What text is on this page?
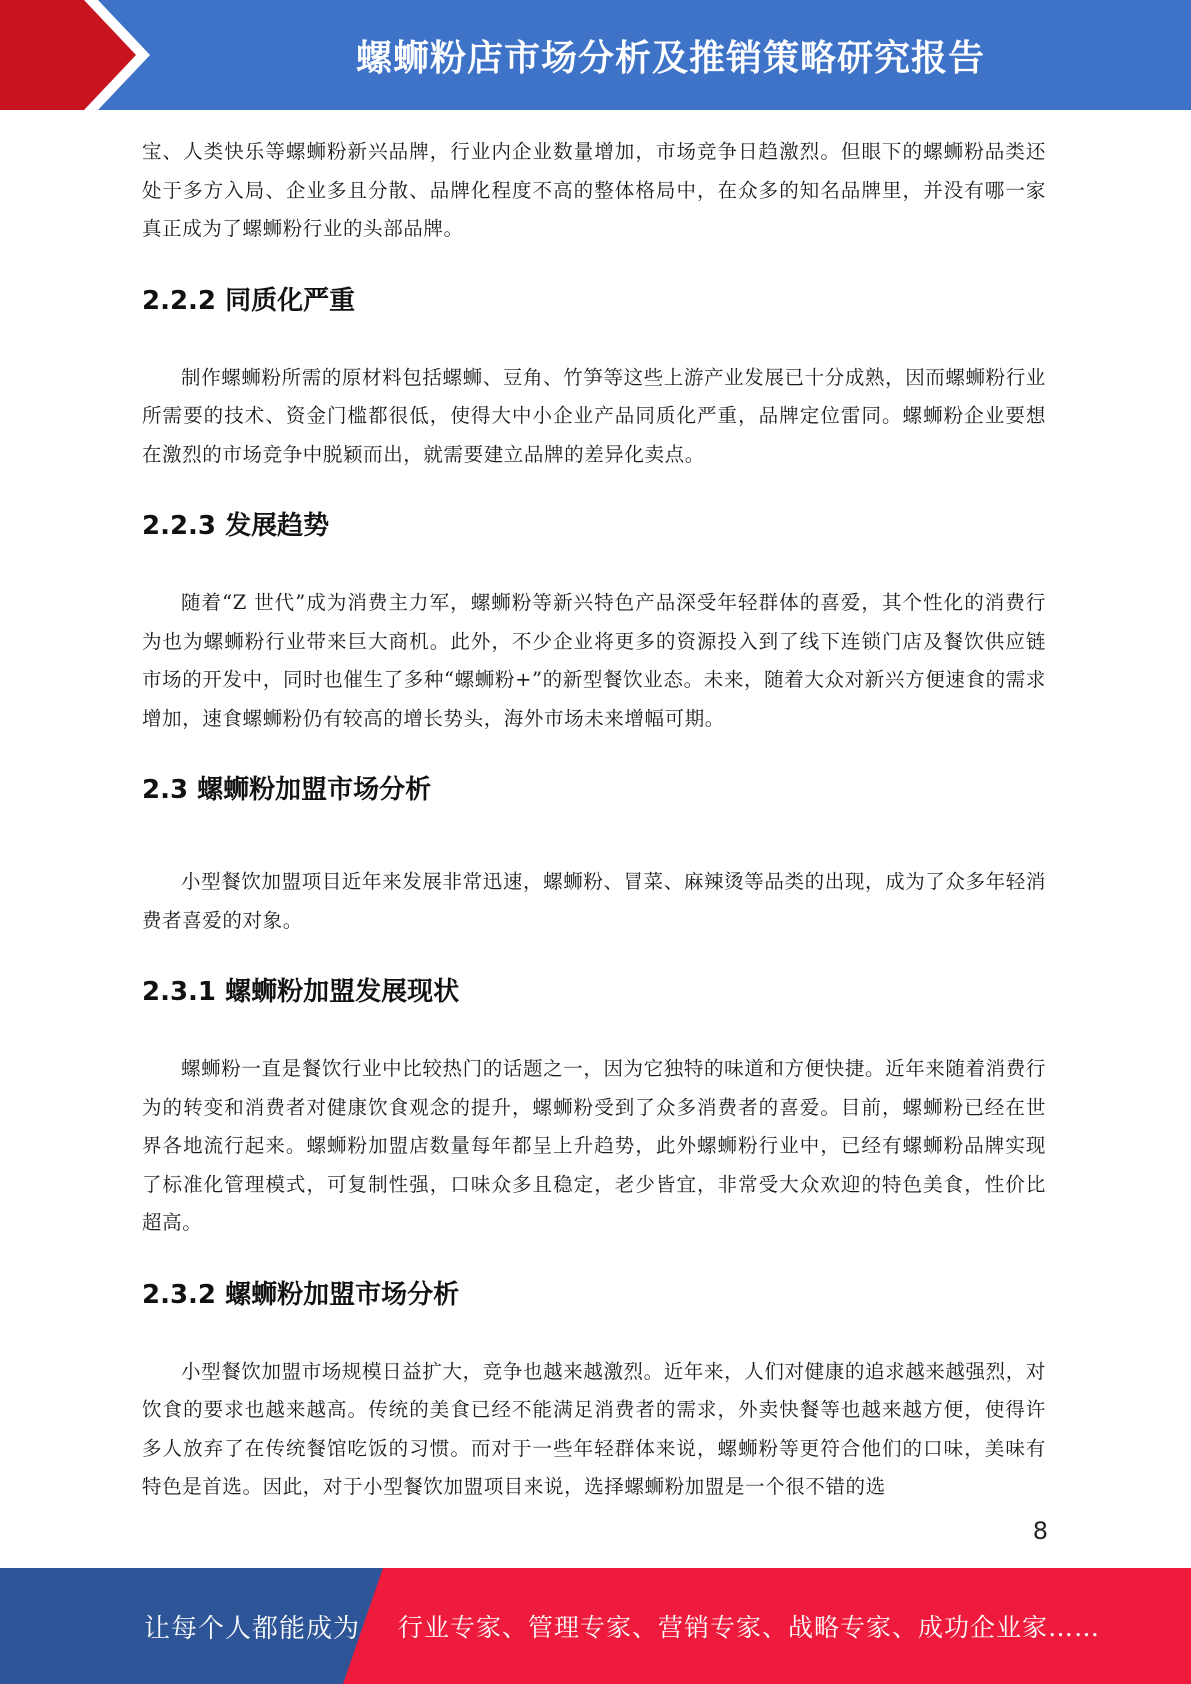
螺蛳粉店市场分析及推销策略研究报告

宝、人类快乐等螺蛳粉新兴品牌，行业内企业数量增加，市场竞争日趋激烈。但眼下的螺蛳粉品类还处于多方入局、企业多且分散、品牌化程度不高的整体格局中，在众多的知名品牌里，并没有哪一家真正成为了螺蛳粉行业的头部品牌。

2.2.2 同质化严重

制作螺蛳粉所需的原材料包括螺蛳、豆角、竹笋等这些上游产业发展已十分成熟，因而螺蛳粉行业所需要的技术、资金门槛都很低，使得大中小企业产品同质化严重，品牌定位雷同。螺蛳粉企业要想在激烈的市场竞争中脱颖而出，就需要建立品牌的差异化卖点。

2.2.3 发展趋势

随着“Z 世代”成为消费主力军，螺蛳粉等新兴特色产品深受年轻群体的喜爱，其个性化的消费行为也为螺蛳粉行业带来巨大商机。此外，不少企业将更多的资源投入到了线下连锁门店及餐饮供应链市场的开发中，同时也催生了多种“螺蛳粉+”的新型餐饮业态。未来，随着大众对新兴方便速食的需求增加，速食螺蛳粉仍有较高的增长势头，海外市场未来增幅可期。

2.3 螺蛳粉加盟市场分析

小型餐饮加盟项目近年来发展非常迅速，螺蛳粉、冒菜、麻辣烫等品类的出现，成为了众多年轻消费者喜爱的对象。

2.3.1 螺蛳粉加盟发展现状

螺蛳粉一直是餐饮行业中比较热门的话题之一，因为它独特的味道和方便快捷。近年来随着消费行为的转变和消费者对健康饮食观念的提升，螺蛳粉受到了众多消费者的喜爱。目前，螺蛳粉已经在世界各地流行起来。螺蛳粉加盟店数量每年都呈上升趋势，此外螺蛳粉行业中，已经有螺蛳粉品牌实现了标准化管理模式，可复制性强，口味众多且稳定，老少皆宜，非常受大众欢迎的特色美食，性价比超高。

2.3.2 螺蛳粉加盟市场分析

小型餐饮加盟市场规模日益扩大，竞争也越来越激烈。近年来，人们对健康的追求越来越强烈，对饮食的要求也越来越高。传统的美食已经不能满足消费者的需求，外卖快餐等也越来越方便，使得许多人放弃了在传统餐馆吃饭的习惯。而对于一些年轻群体来说，螺蛳粉等更符合他们的口味，美味有特色是首选。因此，对于小型餐饮加盟项目来说，选择螺蛳粉加盟是一个很不错的选

8
让每个人都能成为 行业专家、管理专家、营销专家、战略专家、成功企业家……
